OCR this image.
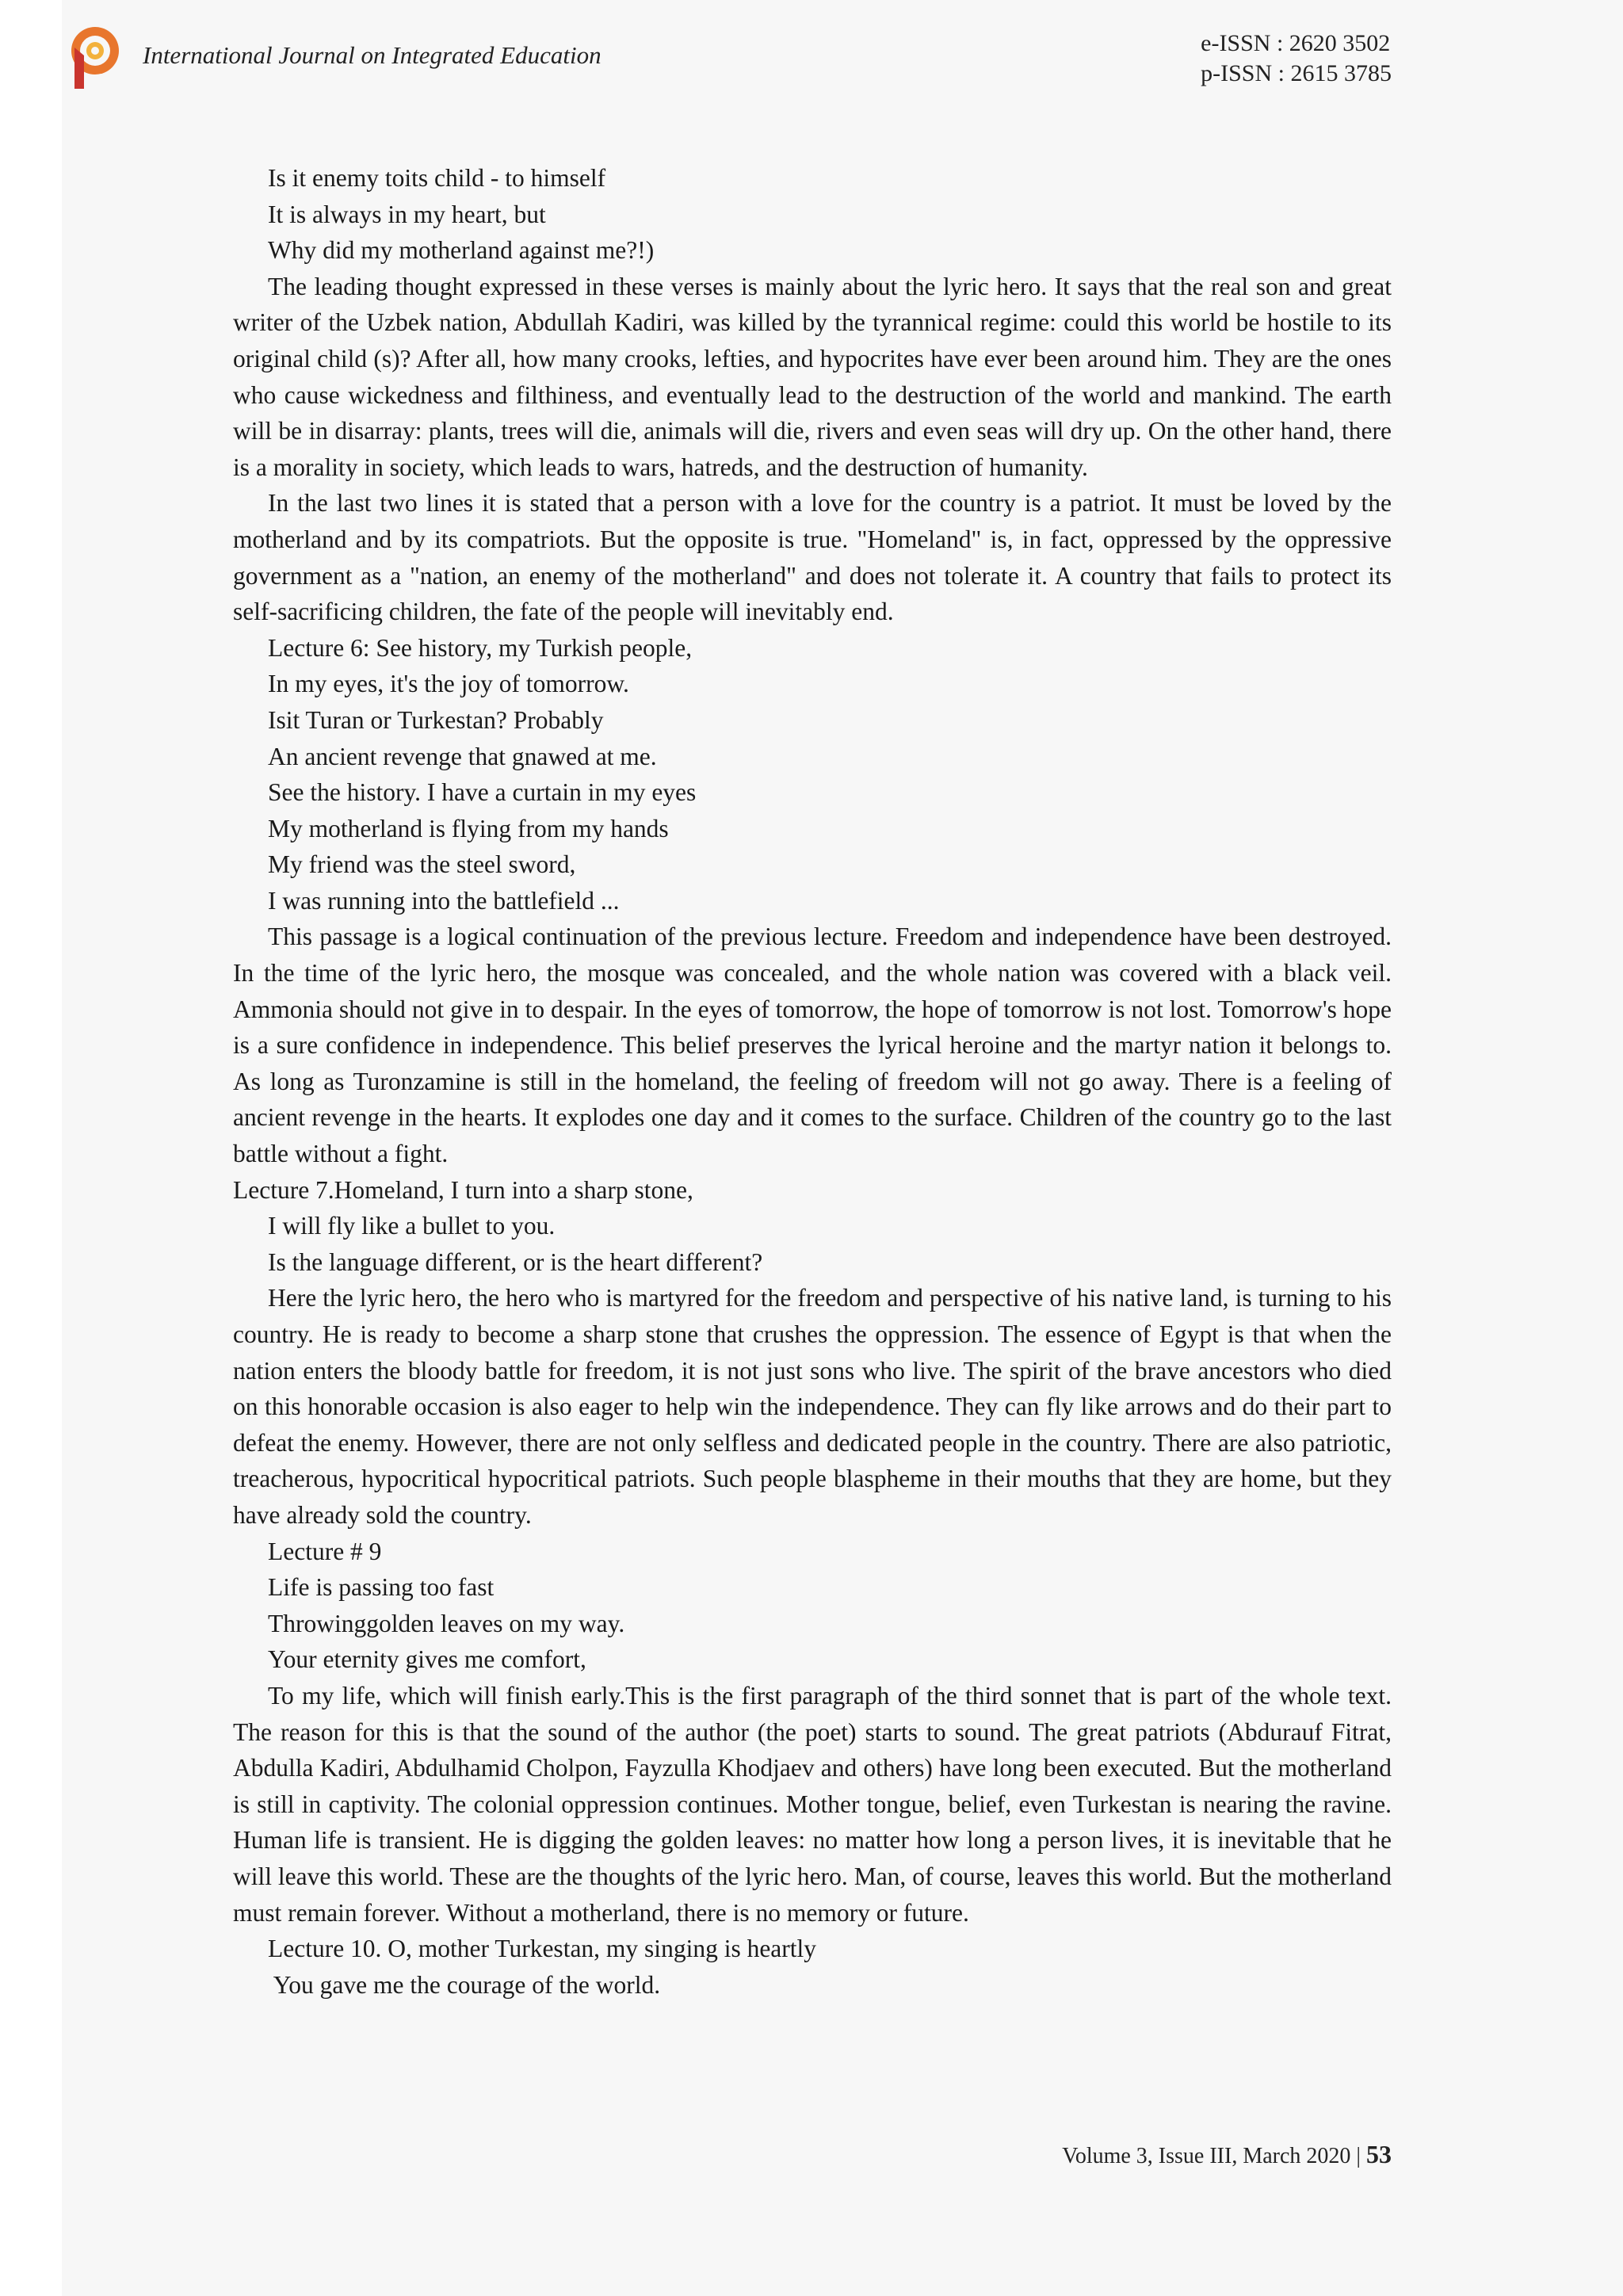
International Journal on Integrated Education	e-ISSN : 2620 3502
p-ISSN : 2615 3785

Is it enemy toits child - to himself

It is always in my heart, but

Why did my motherland against me?!)

The leading thought expressed in these verses is mainly about the lyric hero. It says that the real son and great writer of the Uzbek nation, Abdullah Kadiri, was killed by the tyrannical regime: could this world be hostile to its original child (s)? After all, how many crooks, lefties, and hypocrites have ever been around him. They are the ones who cause wickedness and filthiness, and eventually lead to the destruction of the world and mankind. The earth will be in disarray: plants, trees will die, animals will die, rivers and even seas will dry up. On the other hand, there is a morality in society, which leads to wars, hatreds, and the destruction of humanity.

In the last two lines it is stated that a person with a love for the country is a patriot. It must be loved by the motherland and by its compatriots. But the opposite is true. "Homeland" is, in fact, oppressed by the oppressive government as a "nation, an enemy of the motherland" and does not tolerate it. A country that fails to protect its self-sacrificing children, the fate of the people will inevitably end.

Lecture 6: See history, my Turkish people,

In my eyes, it's the joy of tomorrow.

Isit Turan or Turkestan? Probably

An ancient revenge that gnawed at me.

See the history. I have a curtain in my eyes

My motherland is flying from my hands

My friend was the steel sword,

I was running into the battlefield ...

This passage is a logical continuation of the previous lecture. Freedom and independence have been destroyed. In the time of the lyric hero, the mosque was concealed, and the whole nation was covered with a black veil. Ammonia should not give in to despair. In the eyes of tomorrow, the hope of tomorrow is not lost. Tomorrow's hope is a sure confidence in independence. This belief preserves the lyrical heroine and the martyr nation it belongs to. As long as Turonzamine is still in the homeland, the feeling of freedom will not go away. There is a feeling of ancient revenge in the hearts. It explodes one day and it comes to the surface. Children of the country go to the last battle without a fight.

Lecture 7.Homeland, I turn into a sharp stone,

I will fly like a bullet to you.

Is the language different, or is the heart different?

Here the lyric hero, the hero who is martyred for the freedom and perspective of his native land, is turning to his country. He is ready to become a sharp stone that crushes the oppression. The essence of Egypt is that when the nation enters the bloody battle for freedom, it is not just sons who live. The spirit of the brave ancestors who died on this honorable occasion is also eager to help win the independence. They can fly like arrows and do their part to defeat the enemy. However, there are not only selfless and dedicated people in the country. There are also patriotic, treacherous, hypocritical hypocritical patriots. Such people blaspheme in their mouths that they are home, but they have already sold the country.

Lecture # 9

Life is passing too fast

Throwinggolden leaves on my way.

Your eternity gives me comfort,

To my life, which will finish early.This is the first paragraph of the third sonnet that is part of the whole text. The reason for this is that the sound of the author (the poet) starts to sound. The great patriots (Abdurauf Fitrat, Abdulla Kadiri, Abdulhamid Cholpon, Fayzulla Khodjaev and others) have long been executed. But the motherland is still in captivity. The colonial oppression continues. Mother tongue, belief, even Turkestan is nearing the ravine. Human life is transient. He is digging the golden leaves: no matter how long a person lives, it is inevitable that he will leave this world. These are the thoughts of the lyric hero. Man, of course, leaves this world. But the motherland must remain forever. Without a motherland, there is no memory or future.

Lecture 10. O, mother Turkestan, my singing is heartly

You gave me the courage of the world.

Volume 3, Issue III, March 2020 | 53
